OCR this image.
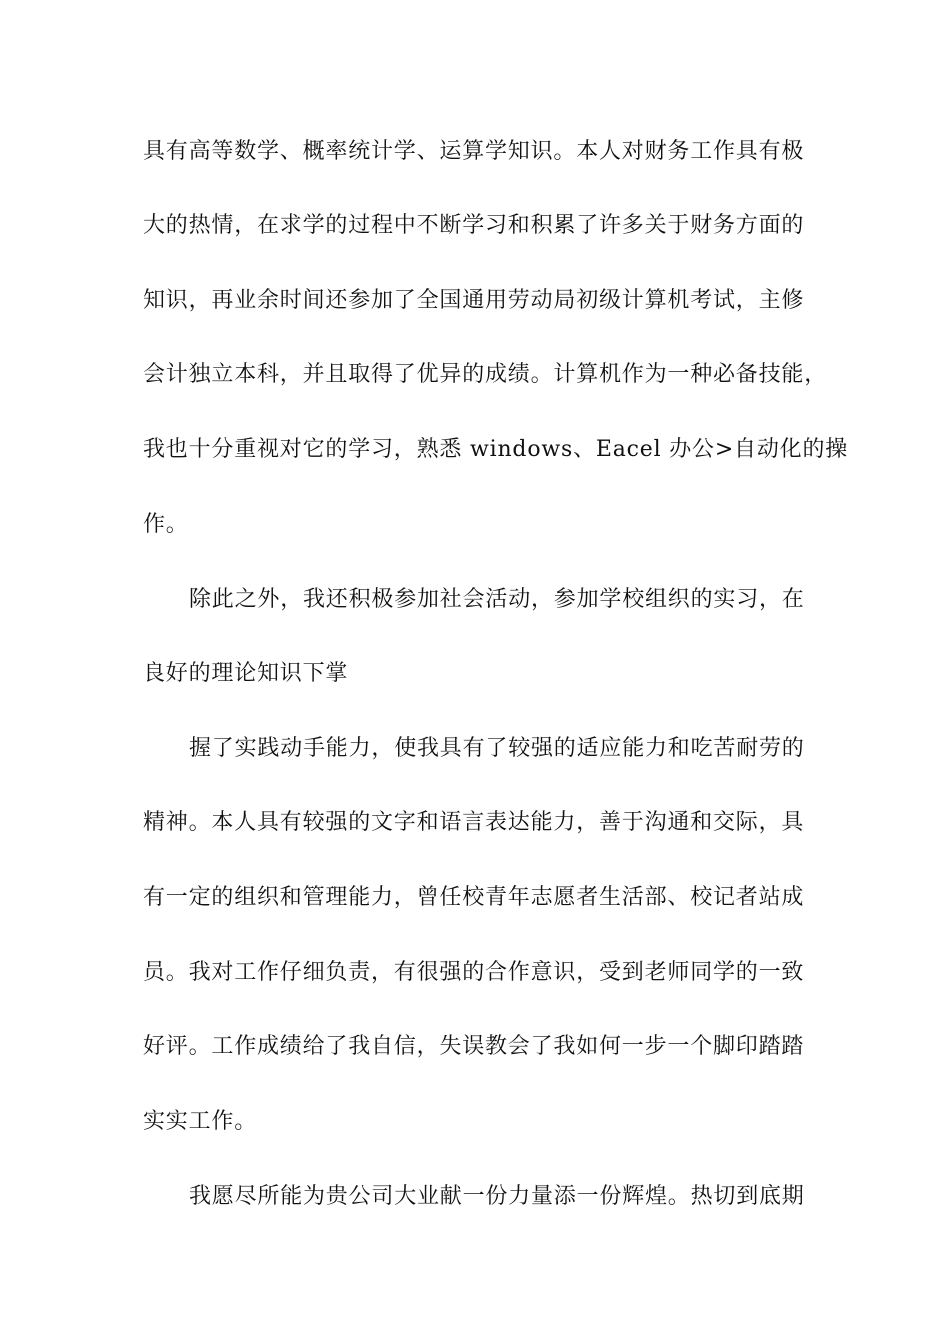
具有高等数学、概率统计学、运算学知识。本人对财务工作具有极
大的热情，在求学的过程中不断学习和积累了许多关于财务方面的
知识，再业余时间还参加了全国通用劳动局初级计算机考试，主修
会计独立本科，并且取得了优异的成绩。计算机作为一种必备技能，
我也十分重视对它的学习，熟悉 windows、Eacel 办公>自动化的操
作。
除此之外，我还积极参加社会活动，参加学校组织的实习，在
良好的理论知识下掌
握了实践动手能力，使我具有了较强的适应能力和吃苦耐劳的
精神。本人具有较强的文字和语言表达能力，善于沟通和交际，具
有一定的组织和管理能力，曾任校青年志愿者生活部、校记者站成
员。我对工作仔细负责，有很强的合作意识，受到老师同学的一致
好评。工作成绩给了我自信，失误教会了我如何一步一个脚印踏踏
实实工作。
我愿尽所能为贵公司大业献一份力量添一份辉煌。热切到底期
